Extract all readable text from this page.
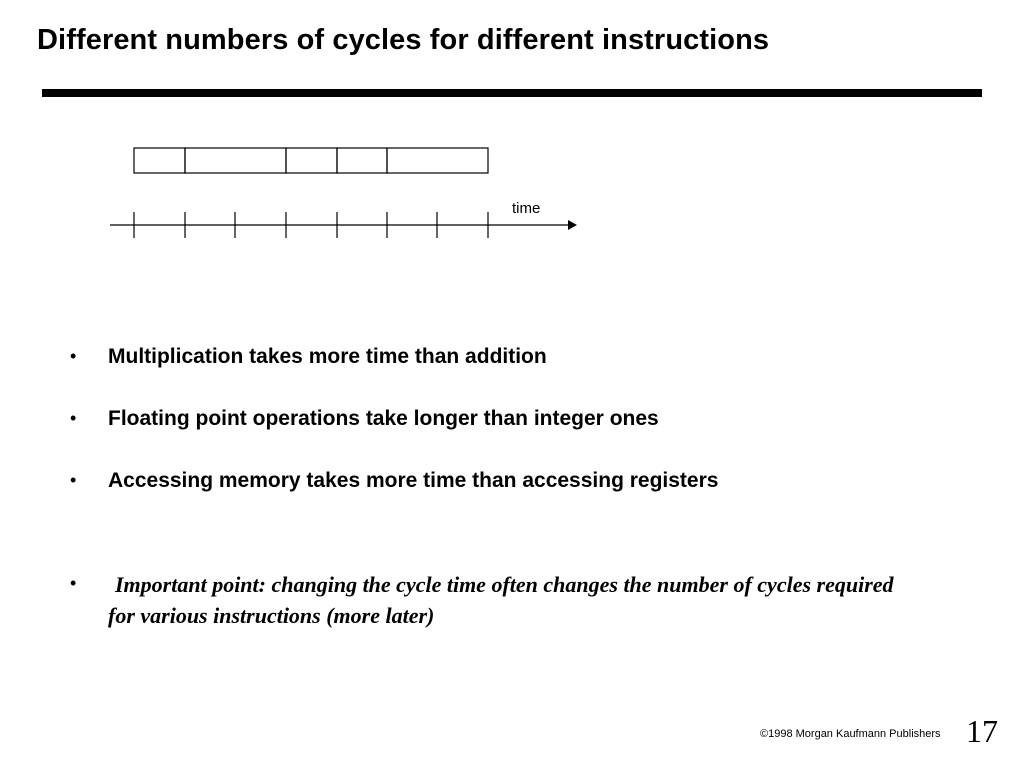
Different numbers of cycles for different instructions
time
• Multiplication takes more time than addition
• Floating point operations take longer than integer ones
• Accessing memory takes more time than accessing registers
•	Important point: changing the cycle time often changes the number of cycles required for various instructions (more later)
©1998 Morgan Kaufmann Publishers 17
